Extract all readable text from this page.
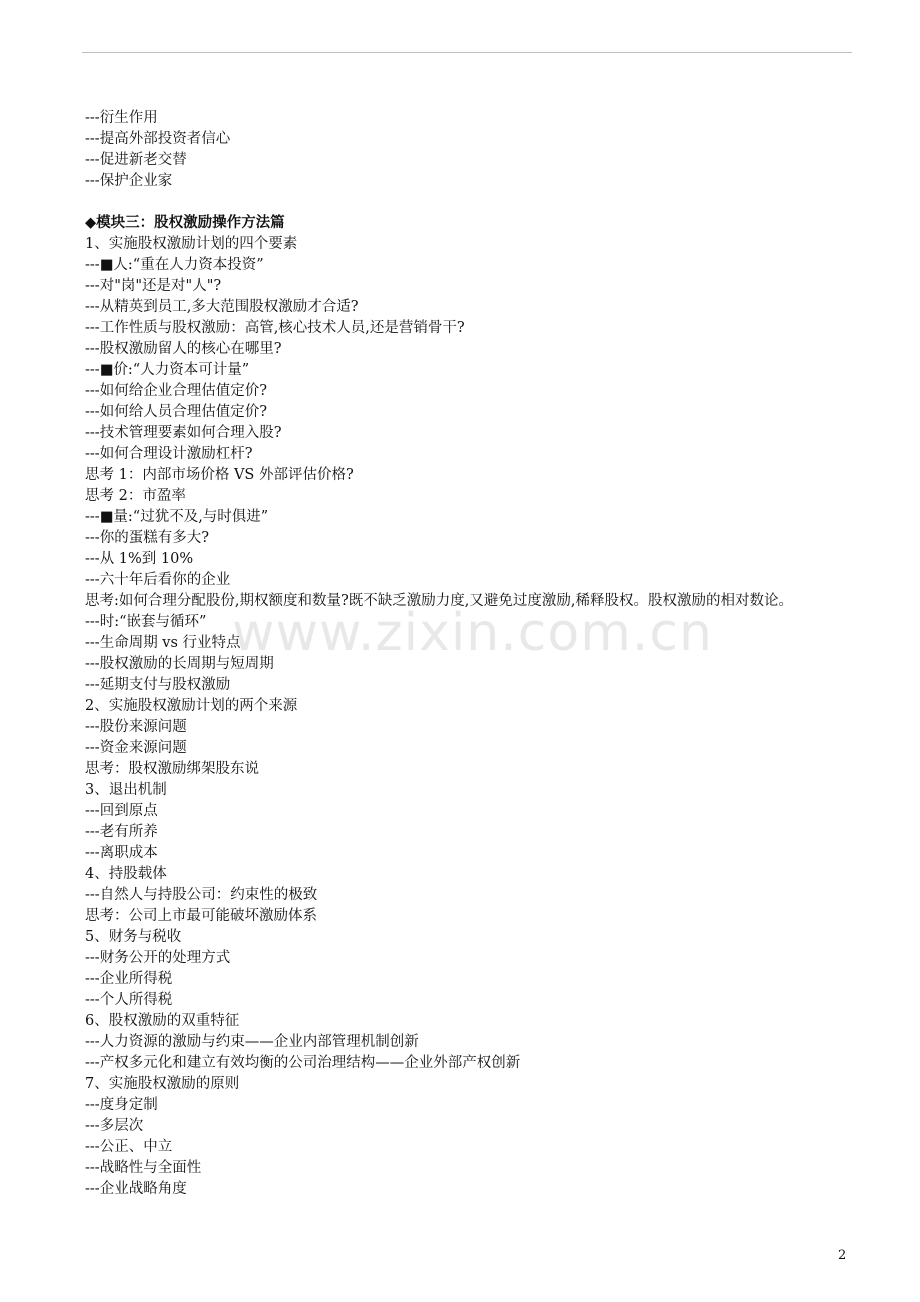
---衍生作用
---提高外部投资者信心
---促进新老交替
---保护企业家
◆模块三：股权激励操作方法篇
1、实施股权激励计划的四个要素
---■人:“重在人力资本投资”
---对"岗"还是对"人"?
---从精英到员工,多大范围股权激励才合适?
---工作性质与股权激励：高管,核心技术人员,还是营销骨干?
---股权激励留人的核心在哪里?
---■价:“人力资本可计量”
---如何给企业合理估值定价?
---如何给人员合理估值定价?
---技术管理要素如何合理入股?
---如何合理设计激励杠杆?
思考 1：内部市场价格 VS 外部评估价格?
思考 2：市盈率
---■量:“过犹不及,与时俱进”
---你的蛋糕有多大?
---从 1%到 10%
---六十年后看你的企业
思考:如何合理分配股份,期权额度和数量?既不缺乏激励力度,又避免过度激励,稀释股权。股权激励的相对数论。
---时:“嵌套与循环”
---生命周期 vs 行业特点
---股权激励的长周期与短周期
---延期支付与股权激励
2、实施股权激励计划的两个来源
---股份来源问题
---资金来源问题
思考：股权激励绑架股东说
3、退出机制
---回到原点
---老有所养
---离职成本
4、持股载体
---自然人与持股公司：约束性的极致
思考：公司上市最可能破坏激励体系
5、财务与税收
---财务公开的处理方式
---企业所得税
---个人所得税
6、股权激励的双重特征
---人力资源的激励与约束——企业内部管理机制创新
---产权多元化和建立有效均衡的公司治理结构——企业外部产权创新
7、实施股权激励的原则
---度身定制
---多层次
---公正、中立
---战略性与全面性
---企业战略角度
www.zixin.com.cn
2
